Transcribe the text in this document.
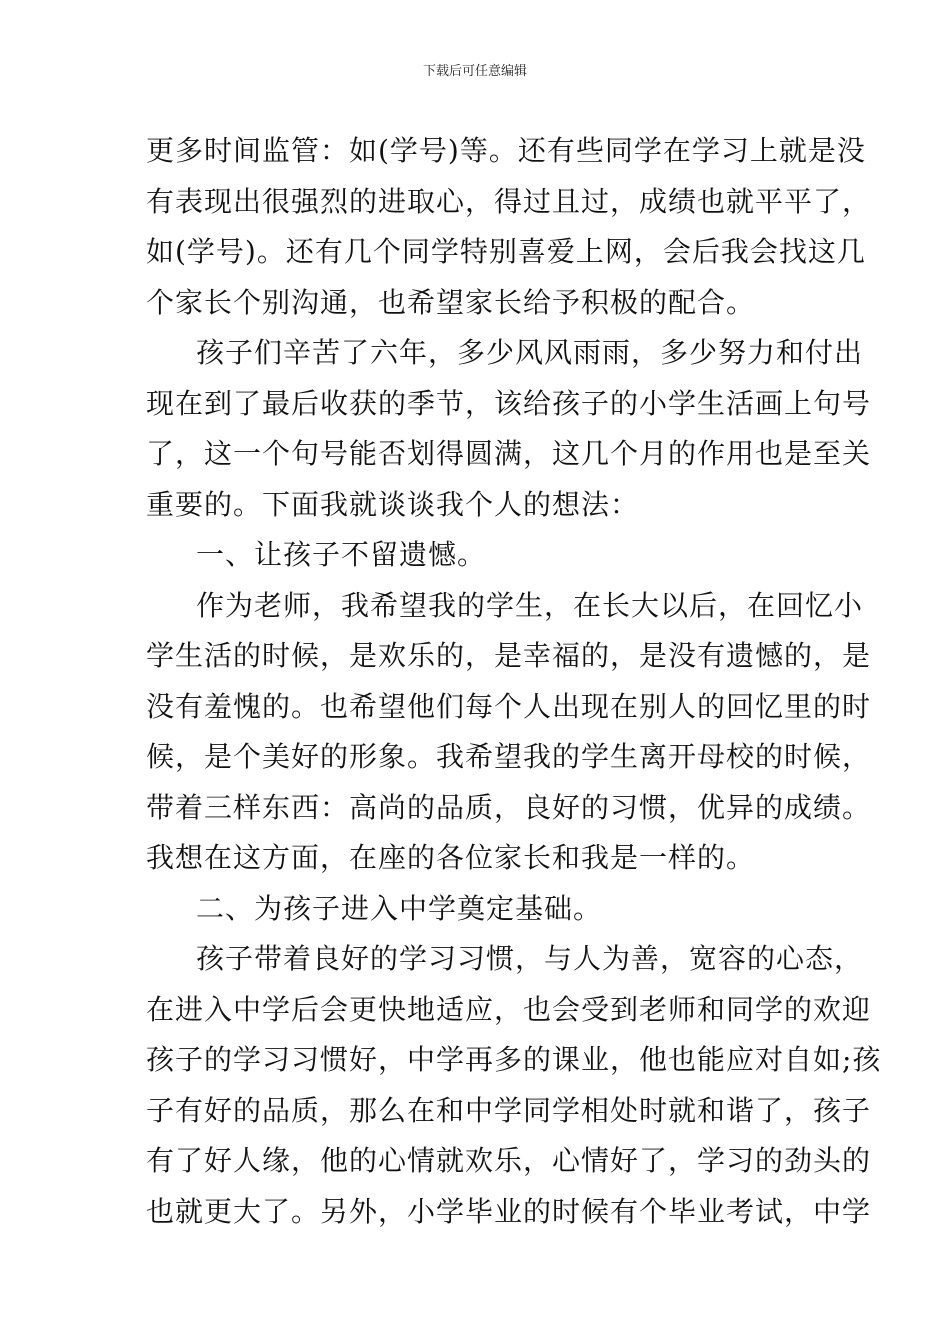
下载后可任意编辑
更多时间监管：如(学号)等。还有些同学在学习上就是没
有表现出很强烈的进取心，得过且过，成绩也就平平了，
如(学号)。还有几个同学特别喜爱上网，会后我会找这几
个家长个别沟通，也希望家长给予积极的配合。
孩子们辛苦了六年，多少风风雨雨，多少努力和付出
现在到了最后收获的季节，该给孩子的小学生活画上句号
了，这一个句号能否划得圆满，这几个月的作用也是至关
重要的。下面我就谈谈我个人的想法：
一、让孩子不留遗憾。
作为老师，我希望我的学生，在长大以后，在回忆小
学生活的时候，是欢乐的，是幸福的，是没有遗憾的，是
没有羞愧的。也希望他们每个人出现在别人的回忆里的时
候，是个美好的形象。我希望我的学生离开母校的时候，
带着三样东西：高尚的品质，良好的习惯，优异的成绩。
我想在这方面，在座的各位家长和我是一样的。
二、为孩子进入中学奠定基础。
孩子带着良好的学习习惯，与人为善，宽容的心态，
在进入中学后会更快地适应，也会受到老师和同学的欢迎
孩子的学习习惯好，中学再多的课业，他也能应对自如;孩
子有好的品质，那么在和中学同学相处时就和谐了，孩子
有了好人缘，他的心情就欢乐，心情好了，学习的劲头的
也就更大了。另外，小学毕业的时候有个毕业考试，中学
